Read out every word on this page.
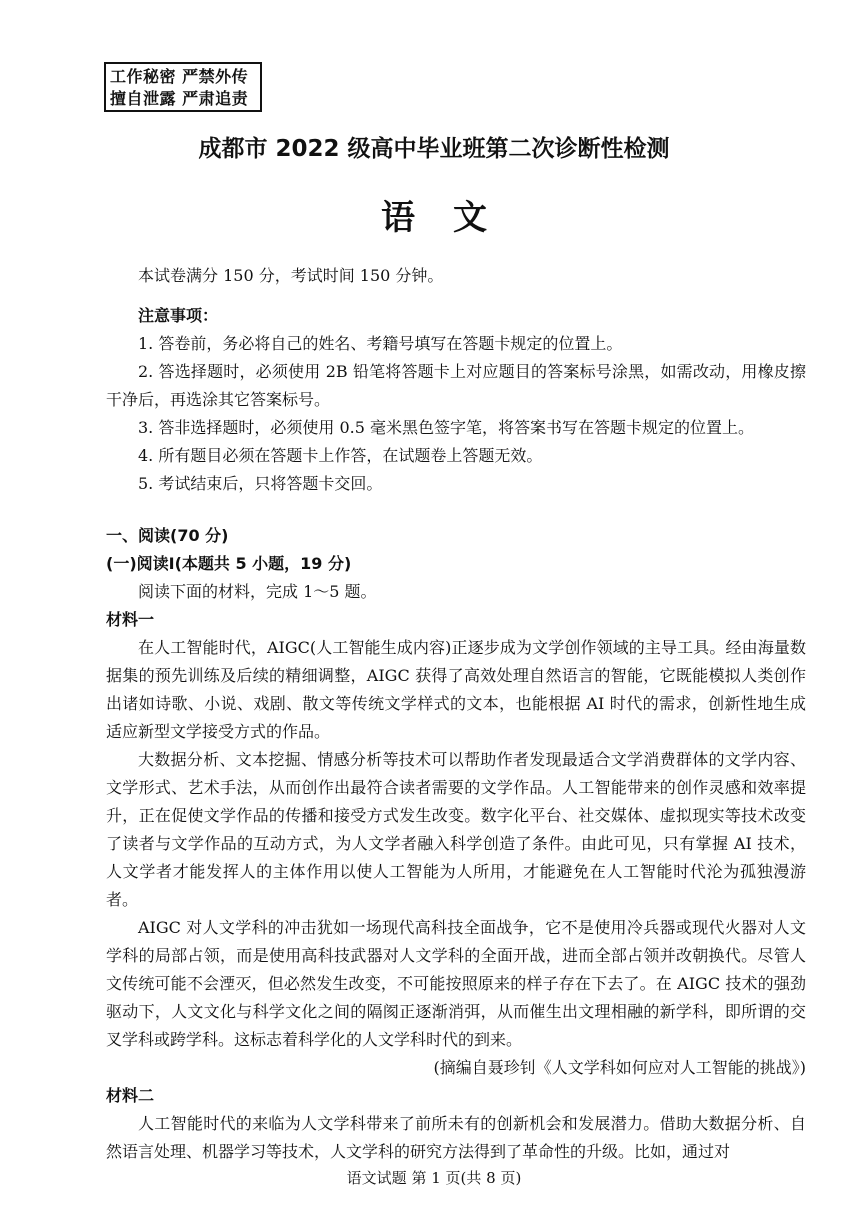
工作秘密 严禁外传
擅自泄露 严肃追责
成都市 2022 级高中毕业班第二次诊断性检测
语文
本试卷满分 150 分，考试时间 150 分钟。

注意事项：

1. 答卷前，务必将自己的姓名、考籍号填写在答题卡规定的位置上。

2. 答选择题时，必须使用 2B 铅笔将答题卡上对应题目的答案标号涂黑，如需改动，用橡皮擦干净后，再选涂其它答案标号。

3. 答非选择题时，必须使用 0.5 毫米黑色签字笔，将答案书写在答题卡规定的位置上。

4. 所有题目必须在答题卡上作答，在试题卷上答题无效。

5. 考试结束后，只将答题卡交回。

一、阅读(70 分)

(一)阅读Ⅰ(本题共 5 小题，19 分)

阅读下面的材料，完成 1～5 题。

材料一

在人工智能时代，AIGC(人工智能生成内容)正逐步成为文学创作领域的主导工具。经由海量数据集的预先训练及后续的精细调整，AIGC 获得了高效处理自然语言的智能，它既能模拟人类创作出诸如诗歌、小说、戏剧、散文等传统文学样式的文本，也能根据 AI 时代的需求，创新性地生成适应新型文学接受方式的作品。

大数据分析、文本挖掘、情感分析等技术可以帮助作者发现最适合文学消费群体的文学内容、文学形式、艺术手法，从而创作出最符合读者需要的文学作品。人工智能带来的创作灵感和效率提升，正在促使文学作品的传播和接受方式发生改变。数字化平台、社交媒体、虚拟现实等技术改变了读者与文学作品的互动方式，为人文学者融入科学创造了条件。由此可见，只有掌握 AI 技术，人文学者才能发挥人的主体作用以使人工智能为人所用，才能避免在人工智能时代沦为孤独漫游者。

AIGC 对人文学科的冲击犹如一场现代高科技全面战争，它不是使用冷兵器或现代火器对人文学科的局部占领，而是使用高科技武器对人文学科的全面开战，进而全部占领并改朝换代。尽管人文传统可能不会湮灭，但必然发生改变，不可能按照原来的样子存在下去了。在 AIGC 技术的强劲驱动下，人文文化与科学文化之间的隔阂正逐渐消弭，从而催生出文理相融的新学科，即所谓的交叉学科或跨学科。这标志着科学化的人文学科时代的到来。

(摘编自聂珍钊《人文学科如何应对人工智能的挑战》)

材料二

人工智能时代的来临为人文学科带来了前所未有的创新机会和发展潜力。借助大数据分析、自然语言处理、机器学习等技术，人文学科的研究方法得到了革命性的升级。比如，通过对

语文试题 第 1 页(共 8 页)
